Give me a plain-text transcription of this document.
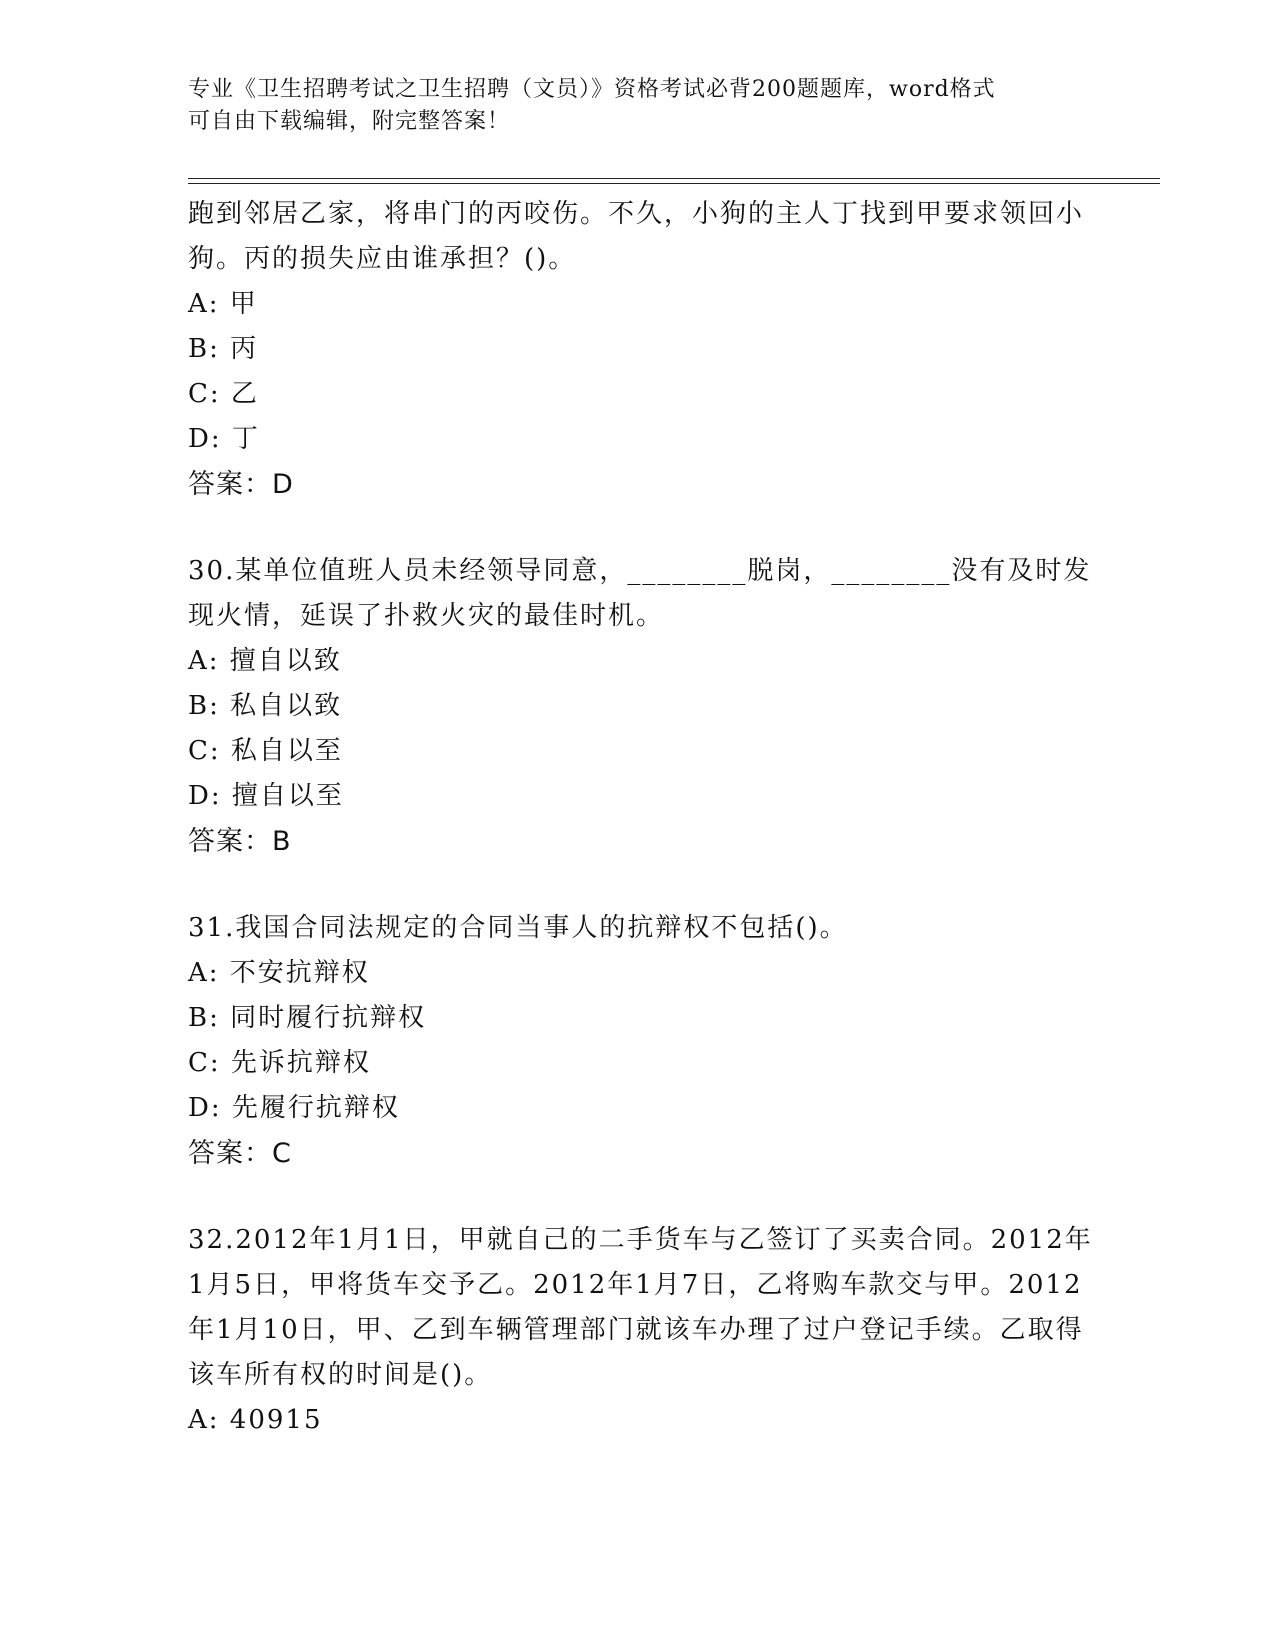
专业《卫生招聘考试之卫生招聘（文员）》资格考试必背200题题库，word格式
可自由下载编辑，附完整答案！
跑到邻居乙家，将串门的丙咬伤。不久，小狗的主人丁找到甲要求领回小狗。丙的损失应由谁承担？()。
A: 甲
B: 丙
C: 乙
D: 丁
答案：D
30.某单位值班人员未经领导同意，________脱岗，________没有及时发现火情，延误了扑救火灾的最佳时机。
A: 擅自以致
B: 私自以致
C: 私自以至
D: 擅自以至
答案：B
31.我国合同法规定的合同当事人的抗辩权不包括()。
A: 不安抗辩权
B: 同时履行抗辩权
C: 先诉抗辩权
D: 先履行抗辩权
答案：C
32.2012年1月1日，甲就自己的二手货车与乙签订了买卖合同。2012年1月5日，甲将货车交予乙。2012年1月7日，乙将购车款交与甲。2012年1月10日，甲、乙到车辆管理部门就该车办理了过户登记手续。乙取得该车所有权的时间是()。
A: 40915
